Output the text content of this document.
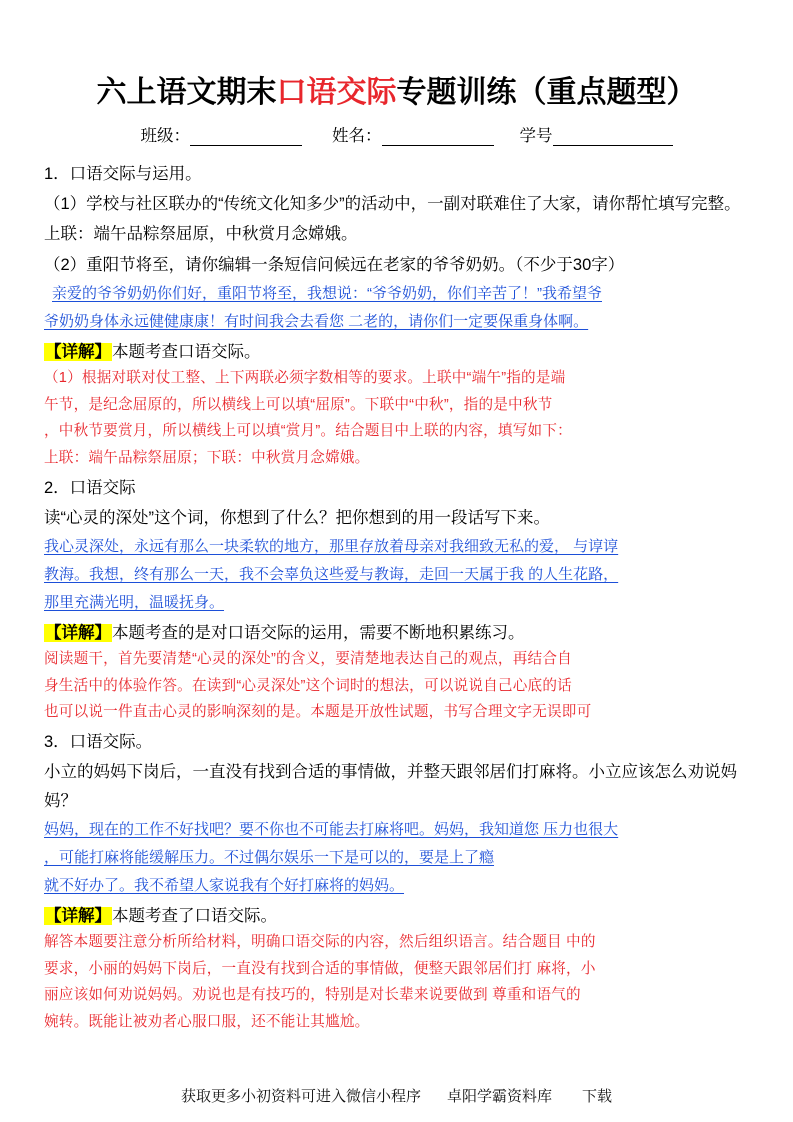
六上语文期末口语交际专题训练（重点题型）
班级：	姓名：	学号
1．口语交际与运用。
（1）学校与社区联办的“传统文化知多少”的活动中，一副对联难住了大家，请你帮忙填写完整。
上联：端午品粽祭屈原，中秋赏月念嫦娥。
（2）重阳节将至，请你编辑一条短信问候远在老家的爷爷奶奶。（不少于30字）
亲爱的爷爷奶奶你们好，重阳节将至，我想说：“爷爷奶奶，你们辛苦了！”我希望爷
爷奶奶身体永远健健康康！有时间我会去看您 二老的，请你们一定要保重身体啊。
【详解】本题考查口语交际。
（1）根据对联对仗工整、上下两联必须字数相等的要求。上联中“端午”指的是端
午节，是纪念屈原的，所以横线上可以填“屈原”。下联中“中秋”，指的是中秋节
，中秋节要赏月，所以横线上可以填“赏月”。结合题目中上联的内容，填写如下：
上联：端午品粽祭屈原；下联：中秋赏月念嫦娥。
2．口语交际
读“心灵的深处”这个词，你想到了什么？把你想到的用一段话写下来。
我心灵深处，永远有那么一块柔软的地方，那里存放着母亲对我细致无私的爱， 与谆谆
教海。我想，终有那么一天，我不会辜负这些爱与教诲，走回一天属于我 的人生花路，
那里充满光明，温暖抚身。
【详解】本题考查的是对口语交际的运用，需要不断地积累练习。
阅读题干，首先要清楚“心灵的深处”的含义，要清楚地表达自己的观点，再结合自
身生活中的体验作答。在读到“心灵深处”这个词时的想法，可以说说自己心底的话
也可以说一件直击心灵的影响深刻的是。本题是开放性试题，书写合理文字无误即可
3．口语交际。
小立的妈妈下岗后，一直没有找到合适的事情做，并整天跟邻居们打麻将。小立应该怎么劝说妈妈？
妈妈，现在的工作不好找吧？要不你也不可能去打麻将吧。妈妈，我知道您 压力也很大
，可能打麻将能缓解压力。不过偶尔娱乐一下是可以的，要是上了瘾
就不好办了。我不希望人家说我有个好打麻将的妈妈。
【详解】本题考查了口语交际。
解答本题要注意分析所给材料，明确口语交际的内容，然后组织语言。结合题目 中的
要求，小丽的妈妈下岗后，一直没有找到合适的事情做，便整天跟邻居们打 麻将，小
丽应该如何劝说妈妈。劝说也是有技巧的，特别是对长辈来说要做到 尊重和语气的
婉转。既能让被劝者心服口服，还不能让其尴尬。
获取更多小初资料可进入微信小程序 卓阳学霸资料库 下载
